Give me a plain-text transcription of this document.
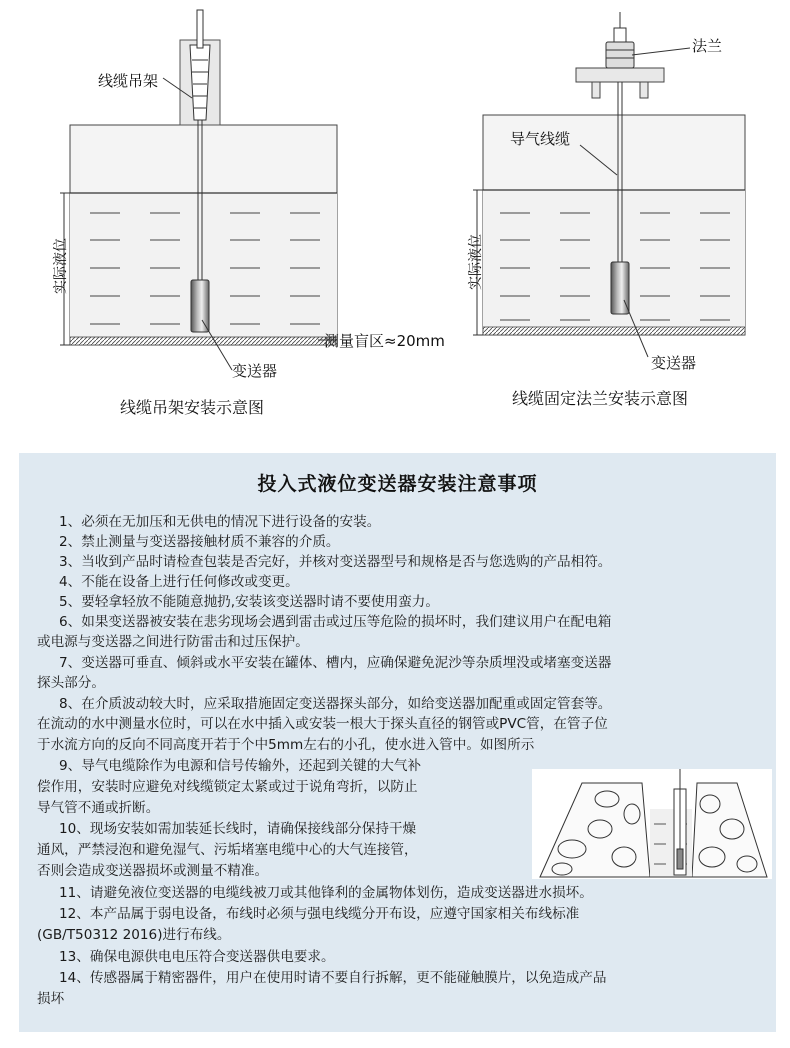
线缆吊架
实际液位
测量盲区≈20mm
变送器
线缆吊架安装示意图
法兰
导气线缆
实际液位
变送器
线缆固定法兰安装示意图
投入式液位变送器安装注意事项
1、必须在无加压和无供电的情况下进行设备的安装。
2、禁止测量与变送器接触材质不兼容的介质。
3、当收到产品时请检查包装是否完好，并核对变送器型号和规格是否与您选购的产品相符。
4、不能在设备上进行任何修改或变更。
5、要轻拿轻放不能随意抛扔,安装该变送器时请不要使用蛮力。
6、如果变送器被安装在悲劣现场会遇到雷击或过压等危险的损坏时，我们建议用户在配电箱
或电源与变送器之间进行防雷击和过压保护。
7、变送器可垂直、倾斜或水平安装在罐体、槽内，应确保避免泥沙等杂质埋没或堵塞变送器
探头部分。
8、在介质波动较大时，应采取措施固定变送器探头部分，如给变送器加配重或固定管套等。
在流动的水中测量水位时，可以在水中插入或安装一根大于探头直径的钢管或PVC管，在管子位
于水流方向的反向不同高度开若于个中5mm左右的小孔，使水进入管中。如图所示
9、导气电缆除作为电源和信号传输外，还起到关键的大气补
偿作用，安装时应避免对线缆锁定太紧或过于说角弯折，以防止
导气管不通或折断。
10、现场安装如需加装延长线时，请确保接线部分保持干燥
通风，严禁浸泡和避免湿气、污垢堵塞电缆中心的大气连接管，
否则会造成变送器损坏或测量不精准。
11、请避免液位变送器的电缆线被刀或其他锋利的金属物体划伤，造成变送器进水损坏。
12、本产品属于弱电设备，布线时必须与强电线缆分开布设，应遵守国家相关布线标准
(GB/T50312 2016)进行布线。
13、确保电源供电电压符合变送器供电要求。
14、传感器属于精密器件，用户在使用时请不要自行拆解，更不能碰触膜片，以免造成产品
损坏
